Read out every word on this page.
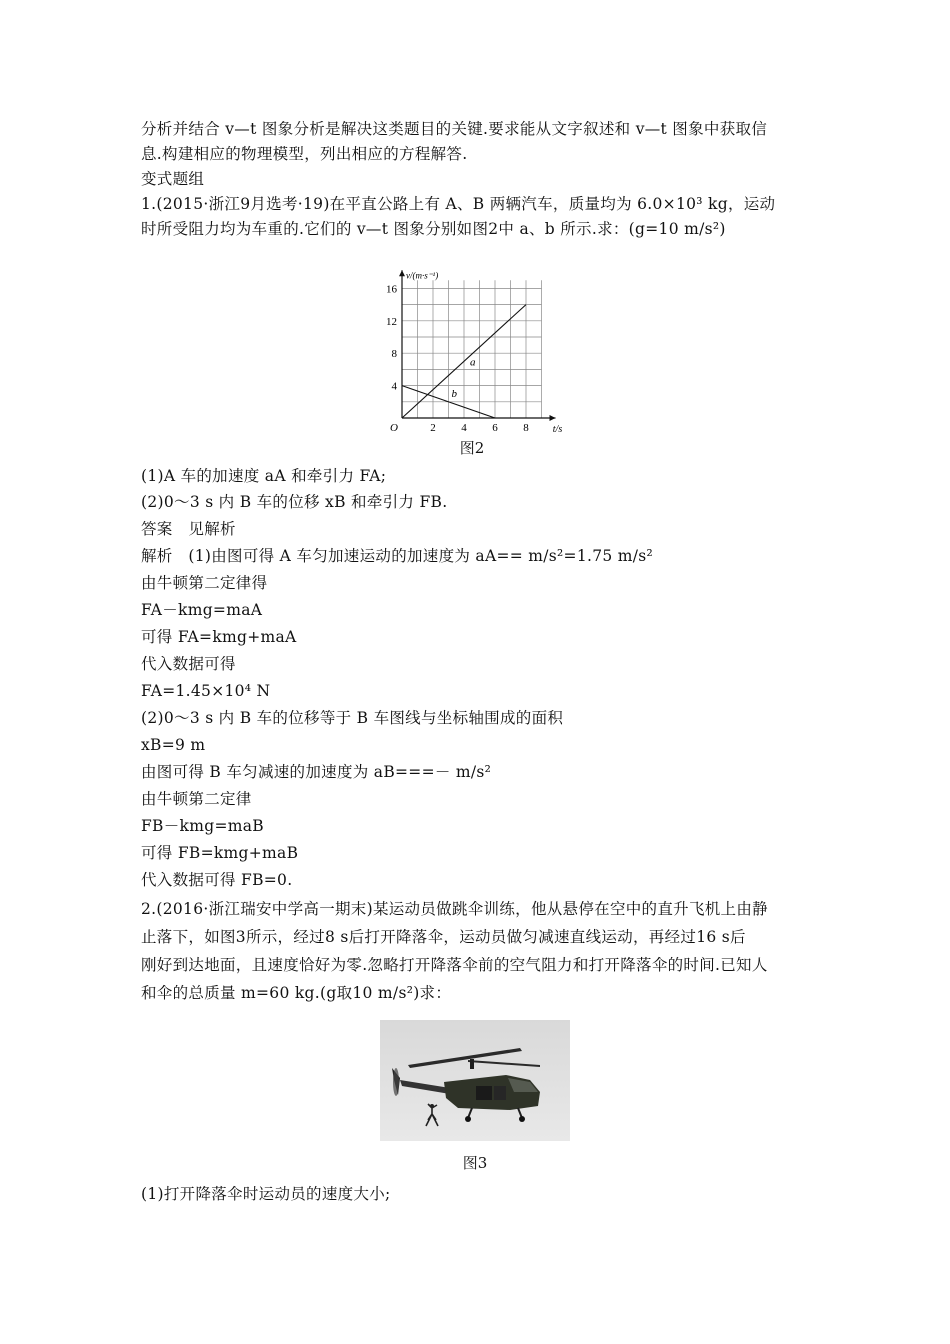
分析并结合 v—t 图象分析是解决这类题目的关键.要求能从文字叙述和 v—t 图象中获取信
息.构建相应的物理模型，列出相应的方程解答.
变式题组
1.(2015·浙江9月选考·19)在平直公路上有 A、B 两辆汽车，质量均为 6.0×10³ kg，运动
时所受阻力均为车重的.它们的 v—t 图象分别如图2中 a、b 所示.求：(g=10 m/s²)
2 4 6 8
4
8
12
16
O	t/s
v/(m·s⁻¹)
a
b
图2
(1)A 车的加速度 aA 和牵引力 FA;
(2)0～3 s 内 B 车的位移 xB 和牵引力 FB.
答案　见解析
解析　(1)由图可得 A 车匀加速运动的加速度为 aA== m/s²=1.75 m/s²
由牛顿第二定律得
FA－kmg=maA
可得 FA=kmg+maA
代入数据可得
FA=1.45×10⁴ N
(2)0～3 s 内 B 车的位移等于 B 车图线与坐标轴围成的面积
xB=9 m
由图可得 B 车匀减速的加速度为 aB===－ m/s²
由牛顿第二定律
FB－kmg=maB
可得 FB=kmg+maB
代入数据可得 FB=0.
2.(2016·浙江瑞安中学高一期末)某运动员做跳伞训练，他从悬停在空中的直升飞机上由静
止落下，如图3所示，经过8 s后打开降落伞，运动员做匀减速直线运动，再经过16 s后
刚好到达地面，且速度恰好为零.忽略打开降落伞前的空气阻力和打开降落伞的时间.已知人
和伞的总质量 m=60 kg.(g取10 m/s²)求：
图3
(1)打开降落伞时运动员的速度大小;
